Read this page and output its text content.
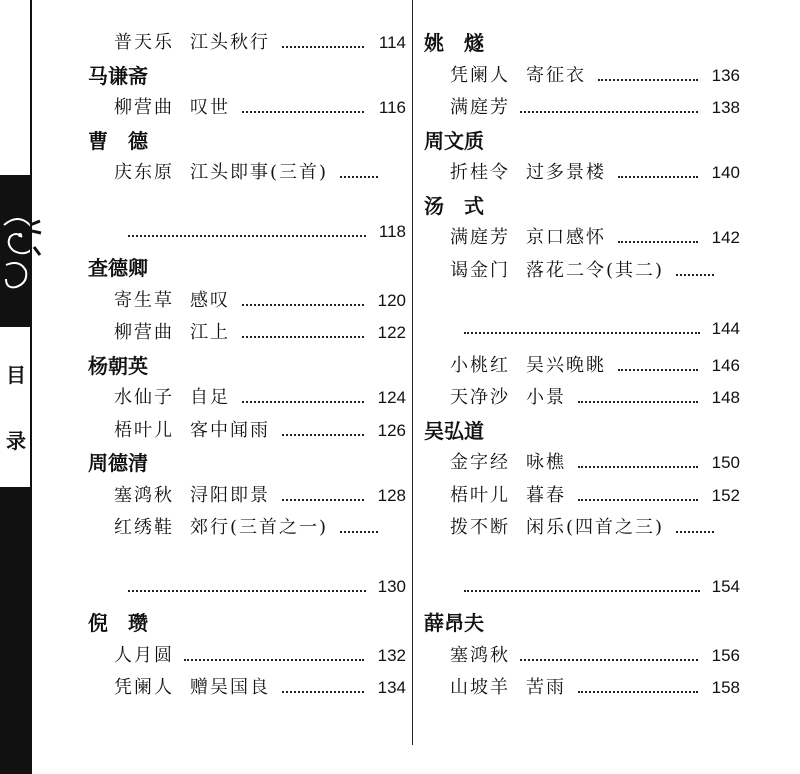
目
录
普天乐 江头秋行	114
马谦斋
柳营曲 叹世	116
曹　德
庆东原 江头即事(三首)
118
查德卿
寄生草 感叹	120
柳营曲 江上	122
杨朝英
水仙子 自足	124
梧叶儿 客中闻雨	126
周德清
塞鸿秋 浔阳即景	128
红绣鞋 郊行(三首之一)
130
倪　瓒
人月圆	132
凭阑人 赠吴国良	134
姚　燧
凭阑人 寄征衣	136
满庭芳	138
周文质
折桂令 过多景楼	140
汤　式
满庭芳 京口感怀	142
谒金门 落花二令(其二)
144
小桃红 吴兴晚眺	146
天净沙 小景	148
吴弘道
金字经 咏樵	150
梧叶儿 暮春	152
拨不断 闲乐(四首之三)
154
薛昂夫
塞鸿秋	156
山坡羊 苦雨	158
